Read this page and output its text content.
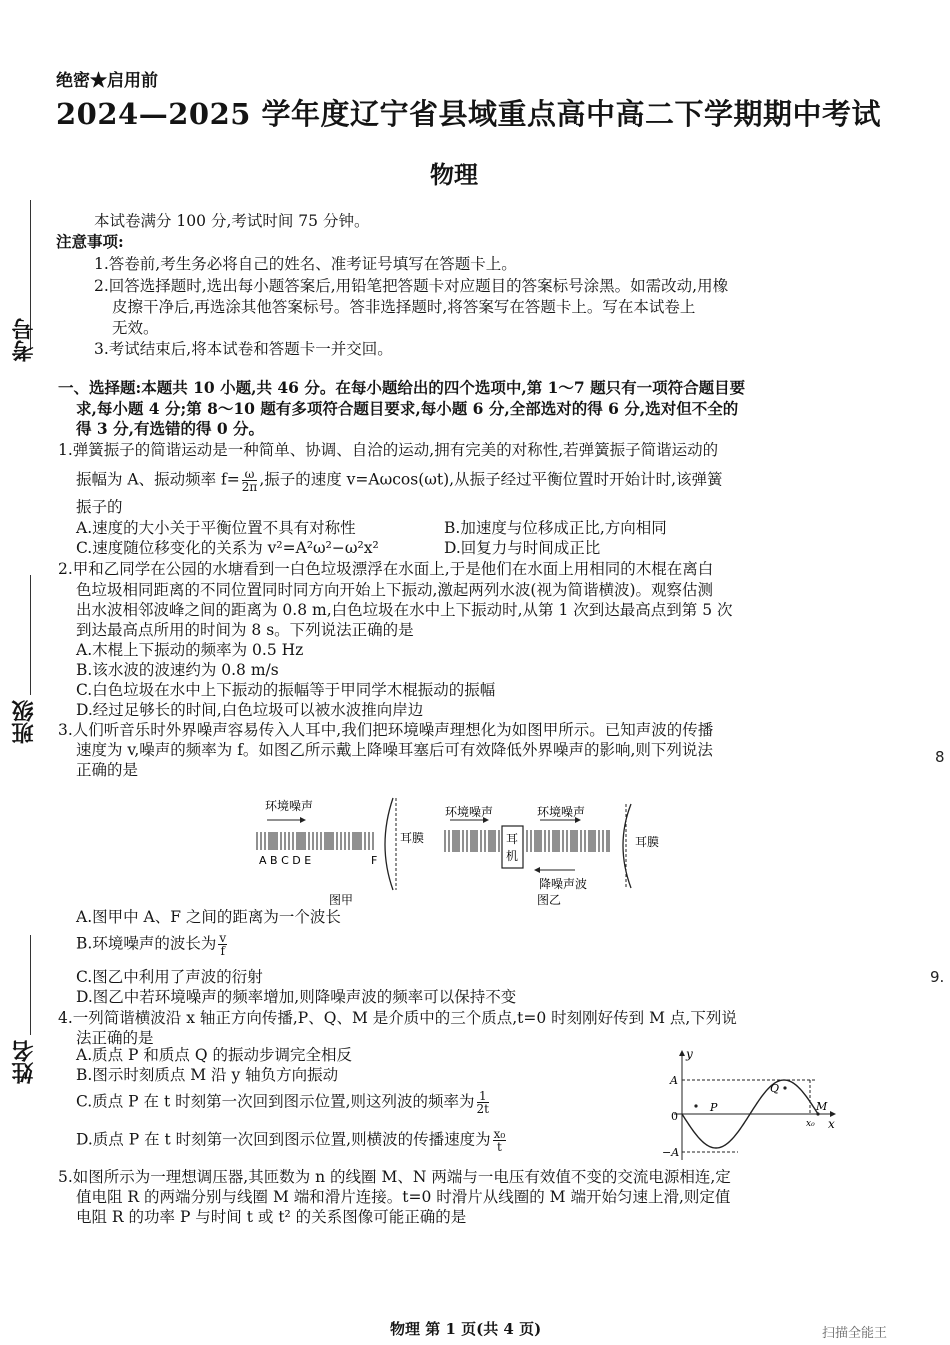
绝密★启用前
2024—2025 学年度辽宁省县域重点高中高二下学期期中考试
物理
考号
班级
姓名
8
9.
本试卷满分 100 分,考试时间 75 分钟。
注意事项:
1.答卷前,考生务必将自己的姓名、准考证号填写在答题卡上。
2.回答选择题时,选出每小题答案后,用铅笔把答题卡对应题目的答案标号涂黑。如需改动,用橡
皮擦干净后,再选涂其他答案标号。答非选择题时,将答案写在答题卡上。写在本试卷上
无效。
3.考试结束后,将本试卷和答题卡一并交回。
一、选择题:本题共 10 小题,共 46 分。在每小题给出的四个选项中,第 1～7 题只有一项符合题目要
求,每小题 4 分;第 8～10 题有多项符合题目要求,每小题 6 分,全部选对的得 6 分,选对但不全的
得 3 分,有选错的得 0 分。
1.弹簧振子的简谐运动是一种简单、协调、自洽的运动,拥有完美的对称性,若弹簧振子简谐运动的
振幅为 A、振动频率 $f= \frac{\omega}{2\pi}$ ,振子的速度 v=Aωcos(ωt),从振子经过平衡位置时开始计时,该弹簧
振子的
A.速度的大小关于平衡位置不具有对称性	B.加速度与位移成正比,方向相同
C.速度随位移变化的关系为 v²=A²ω²−ω²x²	D.回复力与时间成正比
2.甲和乙同学在公园的水塘看到一白色垃圾漂浮在水面上,于是他们在水面上用相同的木棍在离白
色垃圾相同距离的不同位置同时同方向开始上下振动,激起两列水波(视为简谐横波)。观察估测
出水波相邻波峰之间的距离为 0.8 m,白色垃圾在水中上下振动时,从第 1 次到达最高点到第 5 次
到达最高点所用的时间为 8 s。下列说法正确的是
A.木棍上下振动的频率为 0.5 Hz
B.该水波的波速约为 0.8 m/s
C.白色垃圾在水中上下振动的振幅等于甲同学木棍振动的振幅
D.经过足够长的时间,白色垃圾可以被水波推向岸边
3.人们听音乐时外界噪声容易传入人耳中,我们把环境噪声理想化为如图甲所示。已知声波的传播
速度为 v,噪声的频率为 f。如图乙所示戴上降噪耳塞后可有效降低外界噪声的影响,则下列说法
正确的是
环境噪声
耳膜
A B C D E	F
环境噪声	环境噪声
耳
机
耳膜
降噪声波
图甲	图乙
A.图甲中 A、F 之间的距离为一个波长
B.环境噪声的波长为 $\frac{v}{f}$
C.图乙中利用了声波的衍射
D.图乙中若环境噪声的频率增加,则降噪声波的频率可以保持不变
4.一列简谐横波沿 x 轴正方向传播,P、Q、M 是介质中的三个质点,t=0 时刻刚好传到 M 点,下列说
法正确的是
A.质点 P 和质点 Q 的振动步调完全相反
B.图示时刻质点 M 沿 y 轴负方向振动
C.质点 P 在 t 时刻第一次回到图示位置,则这列波的频率为 $\frac{1}{2t}$
D.质点 P 在 t 时刻第一次回到图示位置,则横波的传播速度为 $\frac{\text{x₀}}{t}$
y
x
A
−A
0
P
Q
M
x₀
5.如图所示为一理想调压器,其匝数为 n 的线圈 M、N 两端与一电压有效值不变的交流电源相连,定
值电阻 R 的两端分别与线圈 M 端和滑片连接。t=0 时滑片从线圈的 M 端开始匀速上滑,则定值
电阻 R 的功率 P 与时间 t 或 t² 的关系图像可能正确的是
物理 第 1 页(共 4 页)	扫描全能王
